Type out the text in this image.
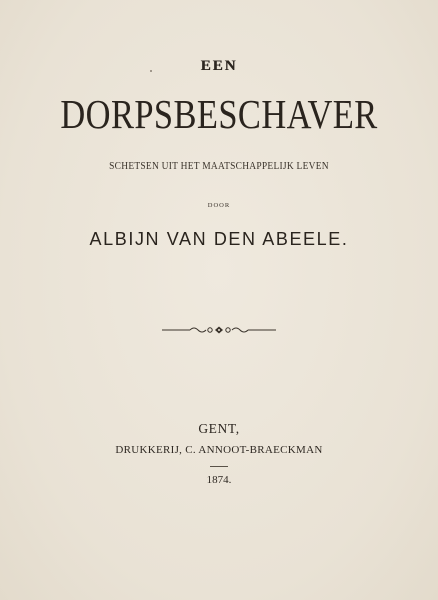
EEN
DORPSBESCHAVER
SCHETSEN UIT HET MAATSCHAPPELIJK LEVEN
DOOR
ALBIJN VAN DEN ABEELE.
GENT,
DRUKKERIJ, C. ANNOOT-BRAECKMAN
1874.
